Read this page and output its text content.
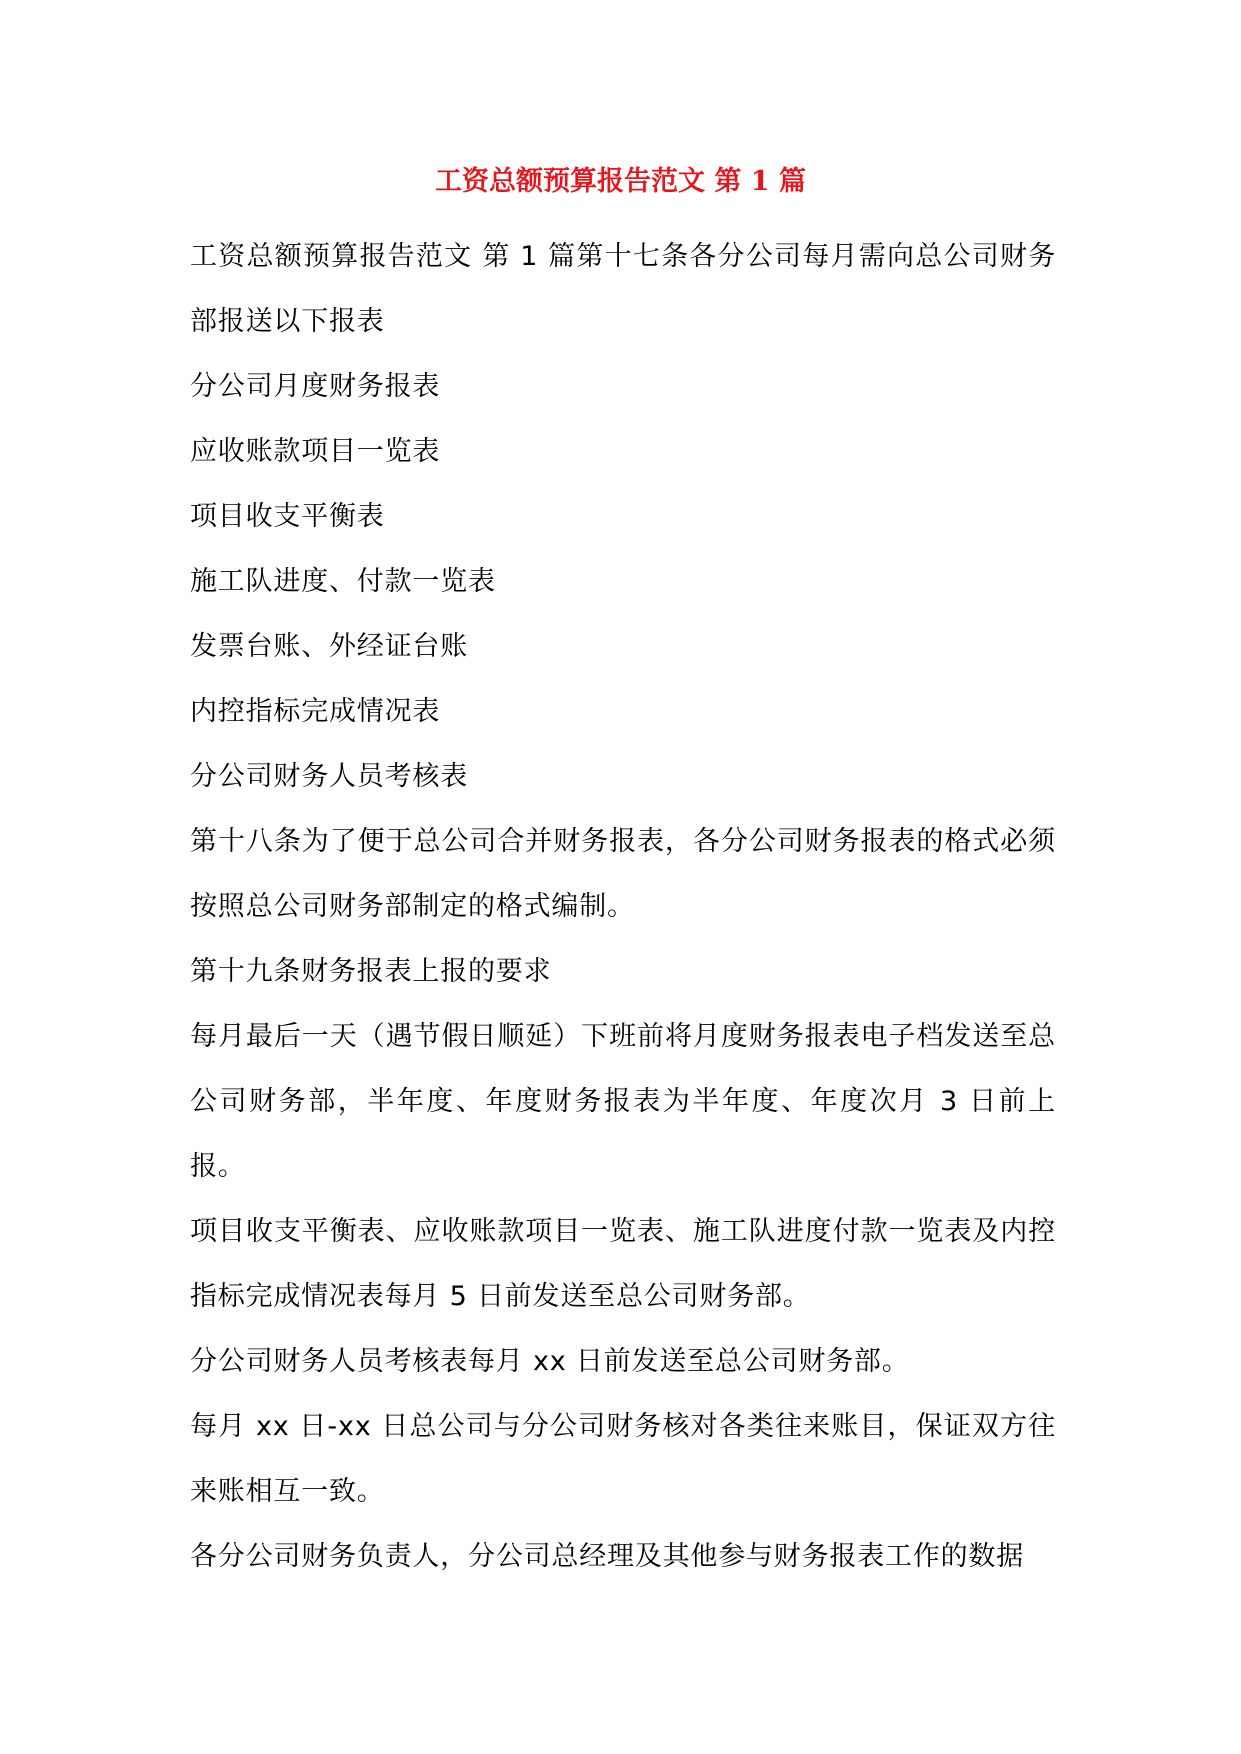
工资总额预算报告范文 第 1 篇

工资总额预算报告范文 第 1 篇第十七条各分公司每月需向总公司财务部报送以下报表

分公司月度财务报表

应收账款项目一览表

项目收支平衡表

施工队进度、付款一览表

发票台账、外经证台账

内控指标完成情况表

分公司财务人员考核表

第十八条为了便于总公司合并财务报表，各分公司财务报表的格式必须按照总公司财务部制定的格式编制。

第十九条财务报表上报的要求

每月最后一天（遇节假日顺延）下班前将月度财务报表电子档发送至总公司财务部，半年度、年度财务报表为半年度、年度次月 3 日前上报。

项目收支平衡表、应收账款项目一览表、施工队进度付款一览表及内控指标完成情况表每月 5 日前发送至总公司财务部。

分公司财务人员考核表每月 xx 日前发送至总公司财务部。

每月 xx 日-xx 日总公司与分公司财务核对各类往来账目，保证双方往来账相互一致。

各分公司财务负责人，分公司总经理及其他参与财务报表工作的数据
